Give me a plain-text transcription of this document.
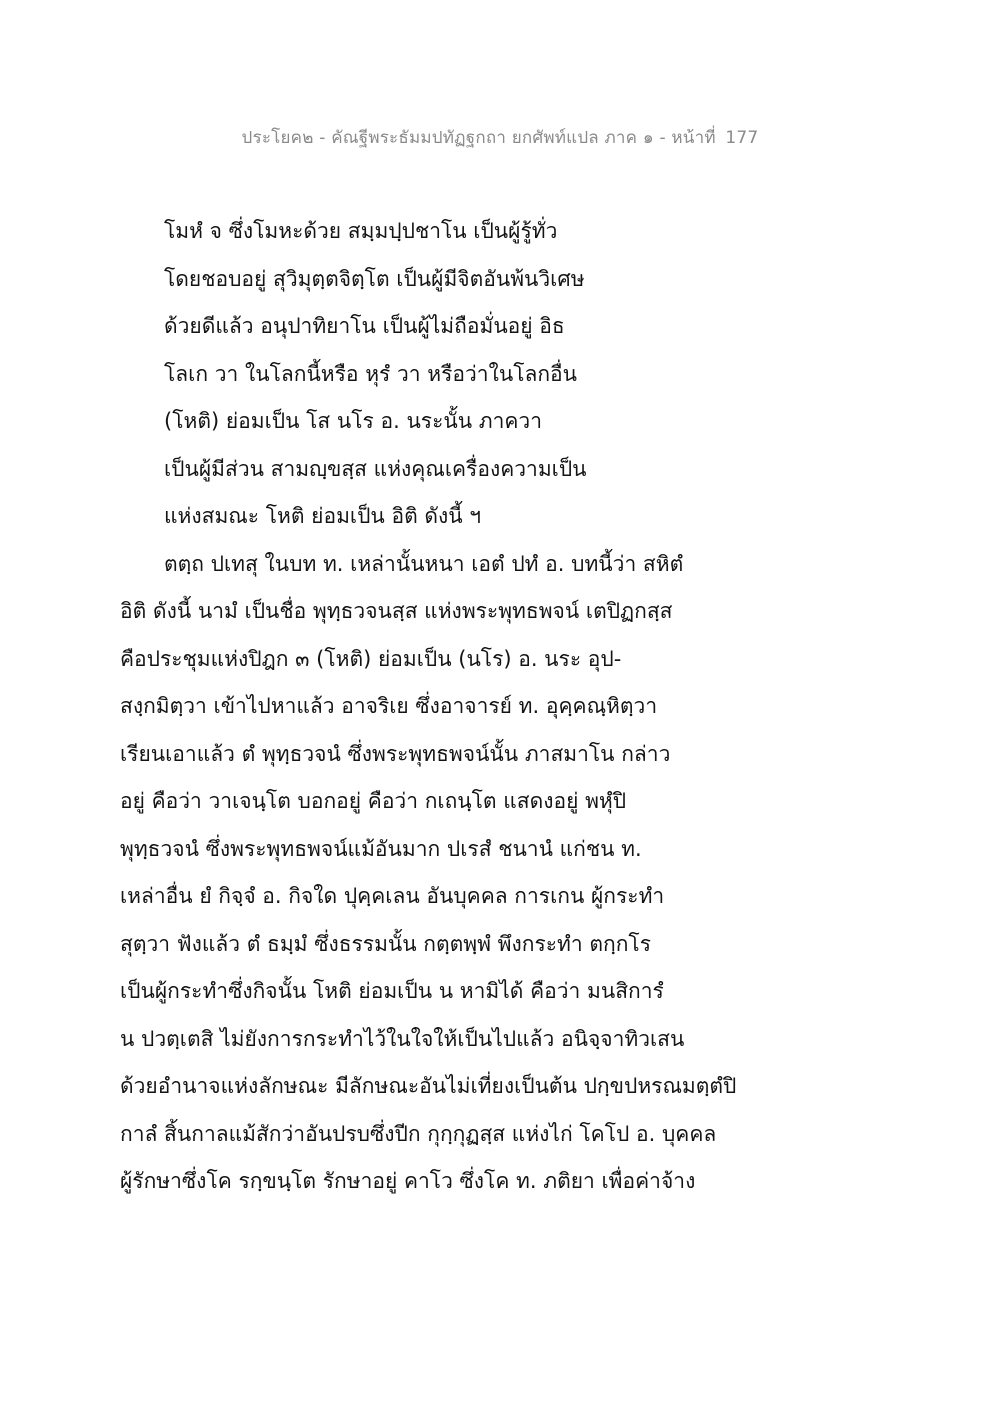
ประโยค๒ - คัณฐีพระธัมมปทัฏฐกถา ยกศัพท์แปล ภาค ๑ - หน้าที่ 177
โมหํ จ ซึ่งโมหะด้วย สมฺมปฺปชาโน เป็นผู้รู้ทั่ว
โดยชอบอยู่ สุวิมุตฺตจิตฺโต เป็นผู้มีจิตอันพ้นวิเศษ
ด้วยดีแล้ว อนุปาทิยาโน เป็นผู้ไม่ถือมั่นอยู่ อิธ
โลเก วา ในโลกนี้หรือ หุรํ วา หรือว่าในโลกอื่น
(โหติ) ย่อมเป็น โส นโร อ. นระนั้น ภาควา
เป็นผู้มีส่วน สามญฺขสฺส แห่งคุณเครื่องความเป็น
แห่งสมณะ โหติ ย่อมเป็น อิติ ดังนี้ ฯ
ตตฺถ ปเทสุ ในบท ท. เหล่านั้นหนา เอตํ ปทํ อ. บทนี้ว่า สหิตํ
อิติ ดังนี้ นามํ เป็นชื่อ พุทฺธวจนสฺส แห่งพระพุทธพจน์ เตปิฏกสฺส
คือประชุมแห่งปิฎก ๓ (โหติ) ย่อมเป็น (นโร) อ. นระ อุป-
สงฺกมิตฺวา เข้าไปหาแล้ว อาจริเย ซึ่งอาจารย์ ท. อุคฺคณฺหิตฺวา
เรียนเอาแล้ว ตํ พุทฺธวจนํ ซึ่งพระพุทธพจน์นั้น ภาสมาโน กล่าว
อยู่ คือว่า วาเจนฺโต บอกอยู่ คือว่า กเถนฺโต แสดงอยู่ พหุํปิ
พุทฺธวจนํ ซึ่งพระพุทธพจน์แม้อันมาก ปเรสํ ชนานํ แก่ชน ท.
เหล่าอื่น ยํ กิจฺจํ อ. กิจใด ปุคฺคเลน อันบุคคล การเกน ผู้กระทำ
สุตฺวา ฟังแล้ว ตํ ธมฺมํ ซึ่งธรรมนั้น กตฺตพฺพํ พึงกระทำ ตกฺกโร
เป็นผู้กระทำซึ่งกิจนั้น โหติ ย่อมเป็น น หามิได้ คือว่า มนสิการํ
น ปวตฺเตสิ ไม่ยังการกระทำไว้ในใจให้เป็นไปแล้ว อนิจฺจาทิวเสน
ด้วยอำนาจแห่งลักษณะ มีลักษณะอันไม่เที่ยงเป็นต้น ปกฺขปหรณมตฺตํปิ
กาลํ สิ้นกาลแม้สักว่าอันปรบซึ่งปีก กุกฺกุฏสฺส แห่งไก่ โคโป อ. บุคคล
ผู้รักษาซึ่งโค รกฺขนฺโต รักษาอยู่ คาโว ซึ่งโค ท. ภติยา เพื่อค่าจ้าง
